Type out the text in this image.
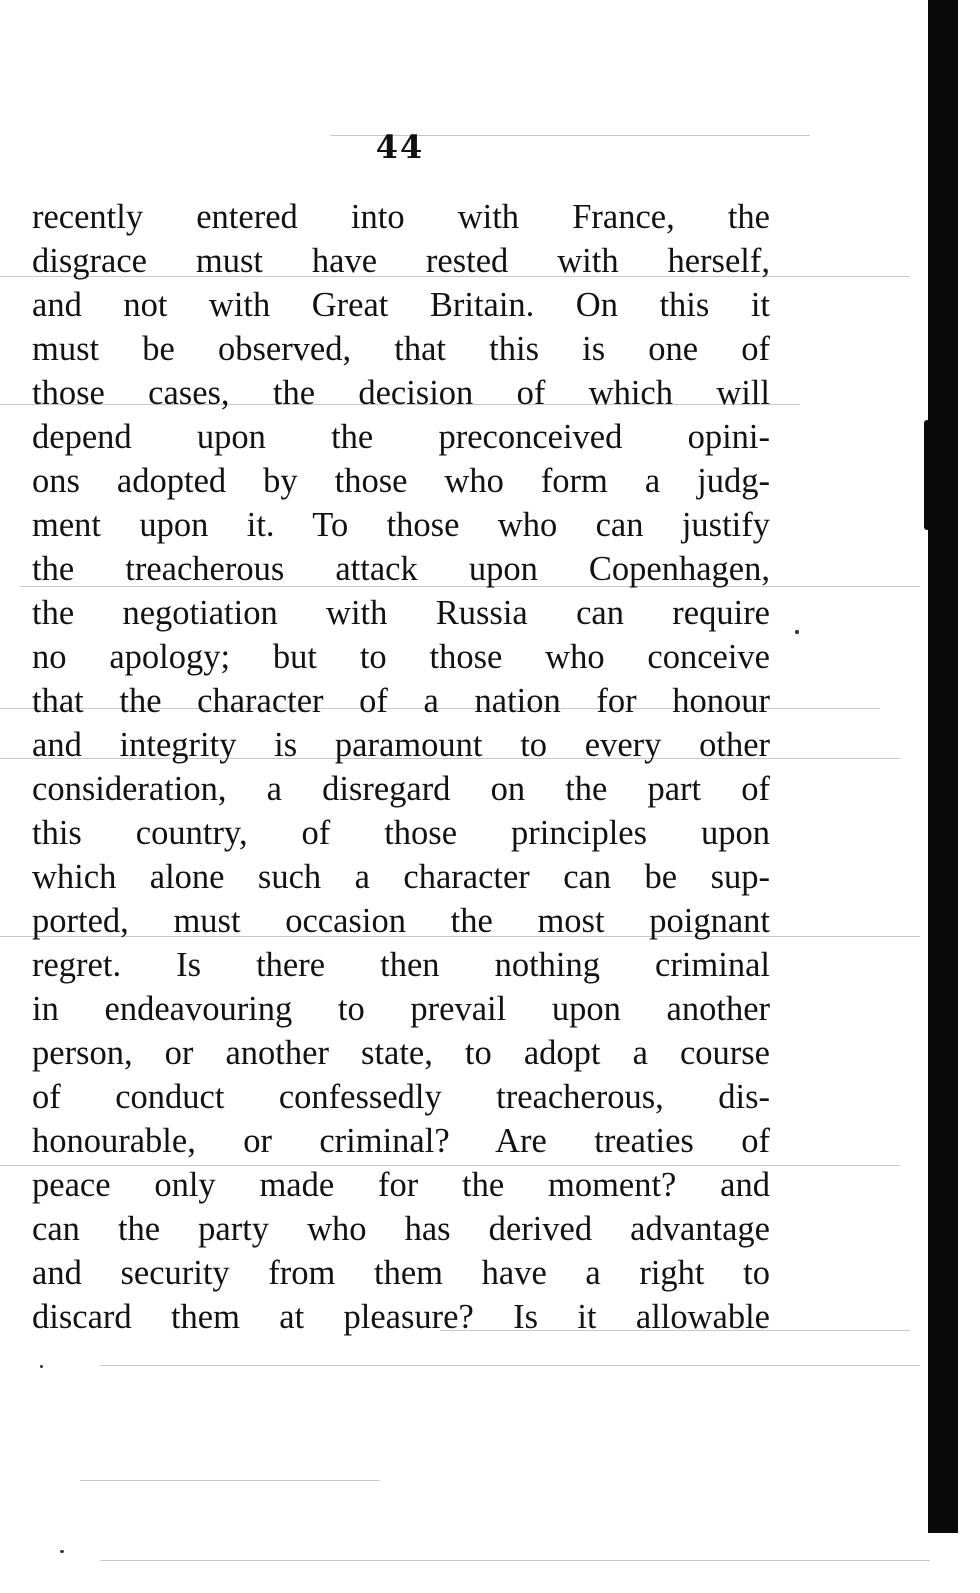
44
recently entered into with France, the
disgrace must have rested with herself,
and not with Great Britain. On this it
must be observed, that this is one of
those cases, the decision of which will
depend upon the preconceived opini-
ons adopted by those who form a judg-
ment upon it. To those who can justify
the treacherous attack upon Copenhagen,
the negotiation with Russia can require
no apology; but to those who conceive
that the character of a nation for honour
and integrity is paramount to every other
consideration, a disregard on the part of
this country, of those principles upon
which alone such a character can be sup-
ported, must occasion the most poignant
regret. Is there then nothing criminal
in endeavouring to prevail upon another
person, or another state, to adopt a course
of conduct confessedly treacherous, dis-
honourable, or criminal? Are treaties of
peace only made for the moment? and
can the party who has derived advantage
and security from them have a right to
discard them at pleasure? Is it allowable
